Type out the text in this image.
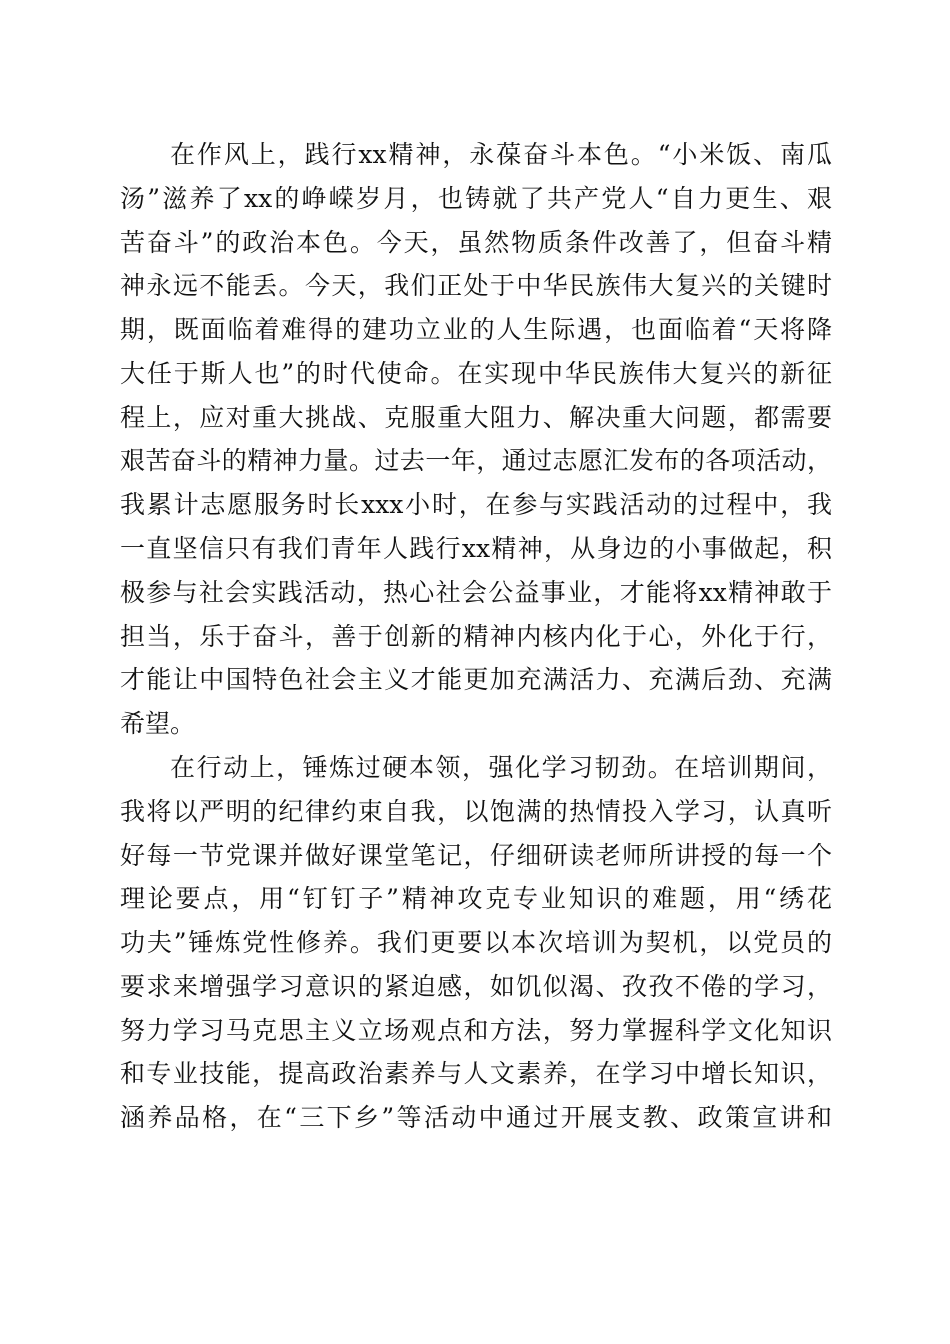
在作风上，践行xx精神，永葆奋斗本色。“小米饭、南瓜
汤”滋养了xx的峥嵘岁月，也铸就了共产党人“自力更生、艰
苦奋斗”的政治本色。今天，虽然物质条件改善了，但奋斗精
神永远不能丢。今天，我们正处于中华民族伟大复兴的关键时
期，既面临着难得的建功立业的人生际遇，也面临着“天将降
大任于斯人也”的时代使命。在实现中华民族伟大复兴的新征
程上，应对重大挑战、克服重大阻力、解决重大问题，都需要
艰苦奋斗的精神力量。过去一年，通过志愿汇发布的各项活动，
我累计志愿服务时长xxx小时，在参与实践活动的过程中，我
一直坚信只有我们青年人践行xx精神，从身边的小事做起，积
极参与社会实践活动，热心社会公益事业，才能将xx精神敢于
担当，乐于奋斗，善于创新的精神内核内化于心，外化于行，
才能让中国特色社会主义才能更加充满活力、充满后劲、充满
希望。
在行动上，锤炼过硬本领，强化学习韧劲。在培训期间，
我将以严明的纪律约束自我，以饱满的热情投入学习，认真听
好每一节党课并做好课堂笔记，仔细研读老师所讲授的每一个
理论要点，用“钉钉子”精神攻克专业知识的难题，用“绣花
功夫”锤炼党性修养。我们更要以本次培训为契机，以党员的
要求来增强学习意识的紧迫感，如饥似渴、孜孜不倦的学习，
努力学习马克思主义立场观点和方法，努力掌握科学文化知识
和专业技能，提高政治素养与人文素养，在学习中增长知识，
涵养品格，在“三下乡”等活动中通过开展支教、政策宣讲和
